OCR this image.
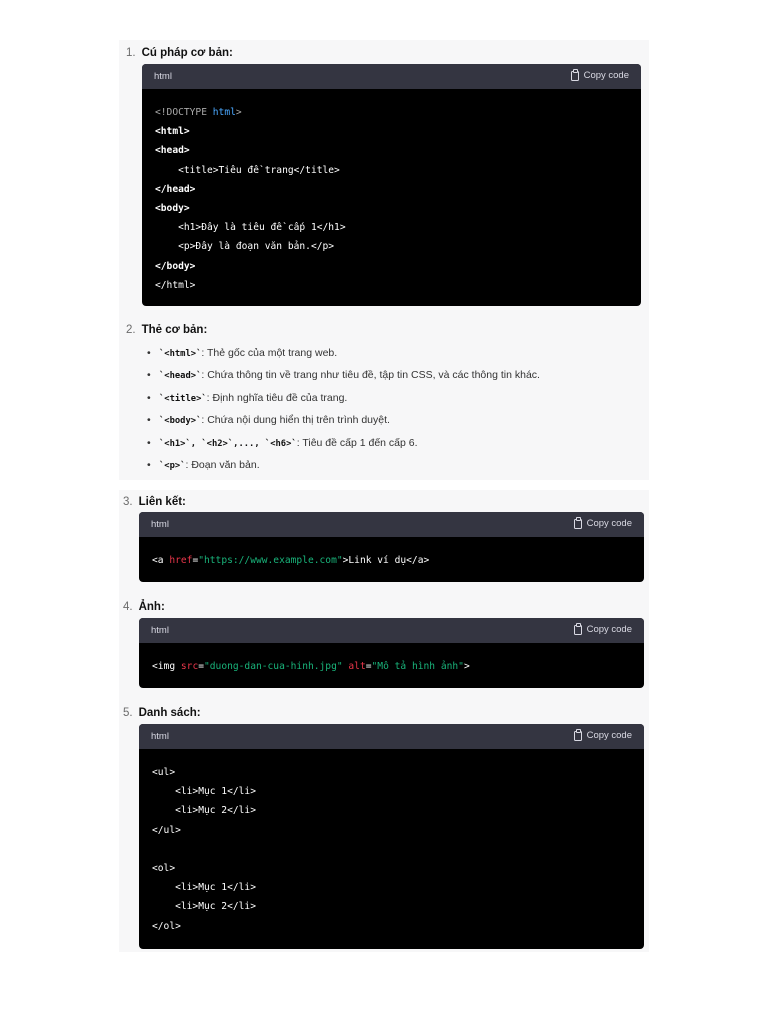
1. Cú pháp cơ bản:
html	Copy code
<!DOCTYPE html>
<html>
<head>
<title>Tiêu đề trang</title>
</head>
<body>
<h1>Đây là tiêu đề cấp 1</h1>
<p>Đây là đoạn văn bản.</p>
</body>
</html>
2. Thẻ cơ bản:
• `<html>`: Thẻ gốc của một trang web.
• `<head>`: Chứa thông tin về trang như tiêu đề, tập tin CSS, và các thông tin khác.
• `<title>`: Định nghĩa tiêu đề của trang.
• `<body>`: Chứa nội dung hiển thị trên trình duyệt.
• `<h1>`, `<h2>`,..., `<h6>`: Tiêu đề cấp 1 đến cấp 6.
• `<p>`: Đoạn văn bản.
3. Liên kết:
html	Copy code
<a href="https://www.example.com">Link ví dụ</a>
4. Ảnh:
html	Copy code
<img src="duong-dan-cua-hinh.jpg" alt="Mô tả hình ảnh">
5. Danh sách:
html	Copy code
<ul>
<li>Mục 1</li>
<li>Mục 2</li>
</ul>
<ol>
<li>Mục 1</li>
<li>Mục 2</li>
</ol>
